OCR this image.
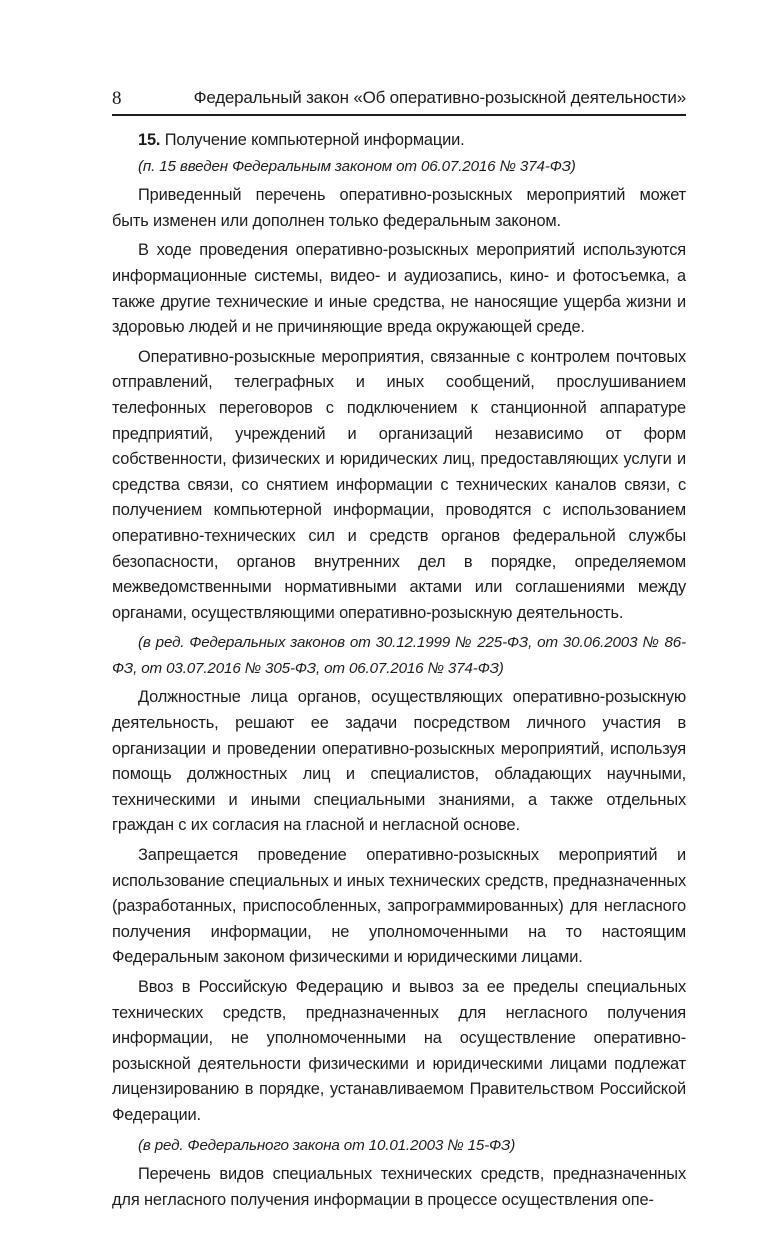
8	Федеральный закон «Об оперативно-розыскной деятельности»

15. Получение компьютерной информации.

(п. 15 введен Федеральным законом от 06.07.2016 № 374-ФЗ)

Приведенный перечень оперативно-розыскных мероприятий может быть изменен или дополнен только федеральным законом.

В ходе проведения оперативно-розыскных мероприятий используются информационные системы, видео- и аудиозапись, кино- и фотосъемка, а также другие технические и иные средства, не наносящие ущерба жизни и здоровью людей и не причиняющие вреда окружающей среде.

Оперативно-розыскные мероприятия, связанные с контролем почтовых отправлений, телеграфных и иных сообщений, прослушиванием телефонных переговоров с подключением к станционной аппаратуре предприятий, учреждений и организаций независимо от форм собственности, физических и юридических лиц, предоставляющих услуги и средства связи, со снятием информации с технических каналов связи, с получением компьютерной информации, проводятся с использованием оперативно-технических сил и средств органов федеральной службы безопасности, органов внутренних дел в порядке, определяемом межведомственными нормативными актами или соглашениями между органами, осуществляющими оперативно-розыскную деятельность.

(в ред. Федеральных законов от 30.12.1999 № 225-ФЗ, от 30.06.2003 № 86-ФЗ, от 03.07.2016 № 305-ФЗ, от 06.07.2016 № 374-ФЗ)

Должностные лица органов, осуществляющих оперативно-розыскную деятельность, решают ее задачи посредством личного участия в организации и проведении оперативно-розыскных мероприятий, используя помощь должностных лиц и специалистов, обладающих научными, техническими и иными специальными знаниями, а также отдельных граждан с их согласия на гласной и негласной основе.

Запрещается проведение оперативно-розыскных мероприятий и использование специальных и иных технических средств, предназначенных (разработанных, приспособленных, запрограммированных) для негласного получения информации, не уполномоченными на то настоящим Федеральным законом физическими и юридическими лицами.

Ввоз в Российскую Федерацию и вывоз за ее пределы специальных технических средств, предназначенных для негласного получения информации, не уполномоченными на осуществление оперативно-розыскной деятельности физическими и юридическими лицами подлежат лицензированию в порядке, устанавливаемом Правительством Российской Федерации.

(в ред. Федерального закона от 10.01.2003 № 15-ФЗ)

Перечень видов специальных технических средств, предназначенных для негласного получения информации в процессе осуществления опе-
